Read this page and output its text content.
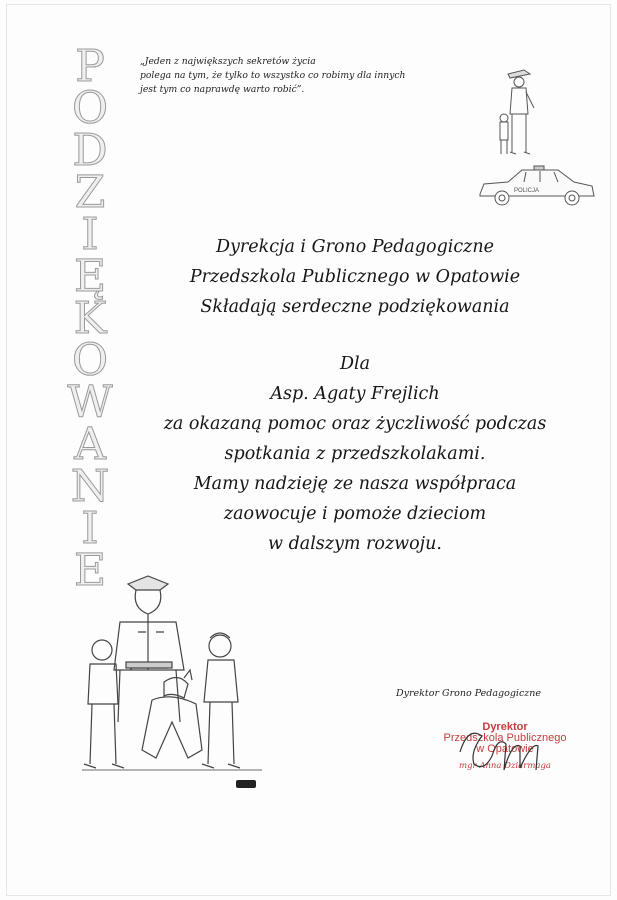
P
O
D
Z
I
Ę
K
O
W
A
N
I
E
„Jeden z największych sekretów życia
polega na tym, że tylko to wszystko co robimy dla innych
jest tym co naprawdę warto robić”.
POLICJA
Dyrekcja i Grono Pedagogiczne
Przedszkola Publicznego w Opatowie
Składają serdeczne podziękowania
Dla
Asp. Agaty Frejlich
za okazaną pomoc oraz życzliwość podczas
spotkania z przedszkolakami.
Mamy nadzieję ze nasza współpraca
zaowocuje i pomoże dzieciom
w dalszym rozwoju.
Dyrektor Grono Pedagogiczne
Dyrektor
Przedszkola Publicznego
w Opatowie
mgr Anna Dziarmaga
